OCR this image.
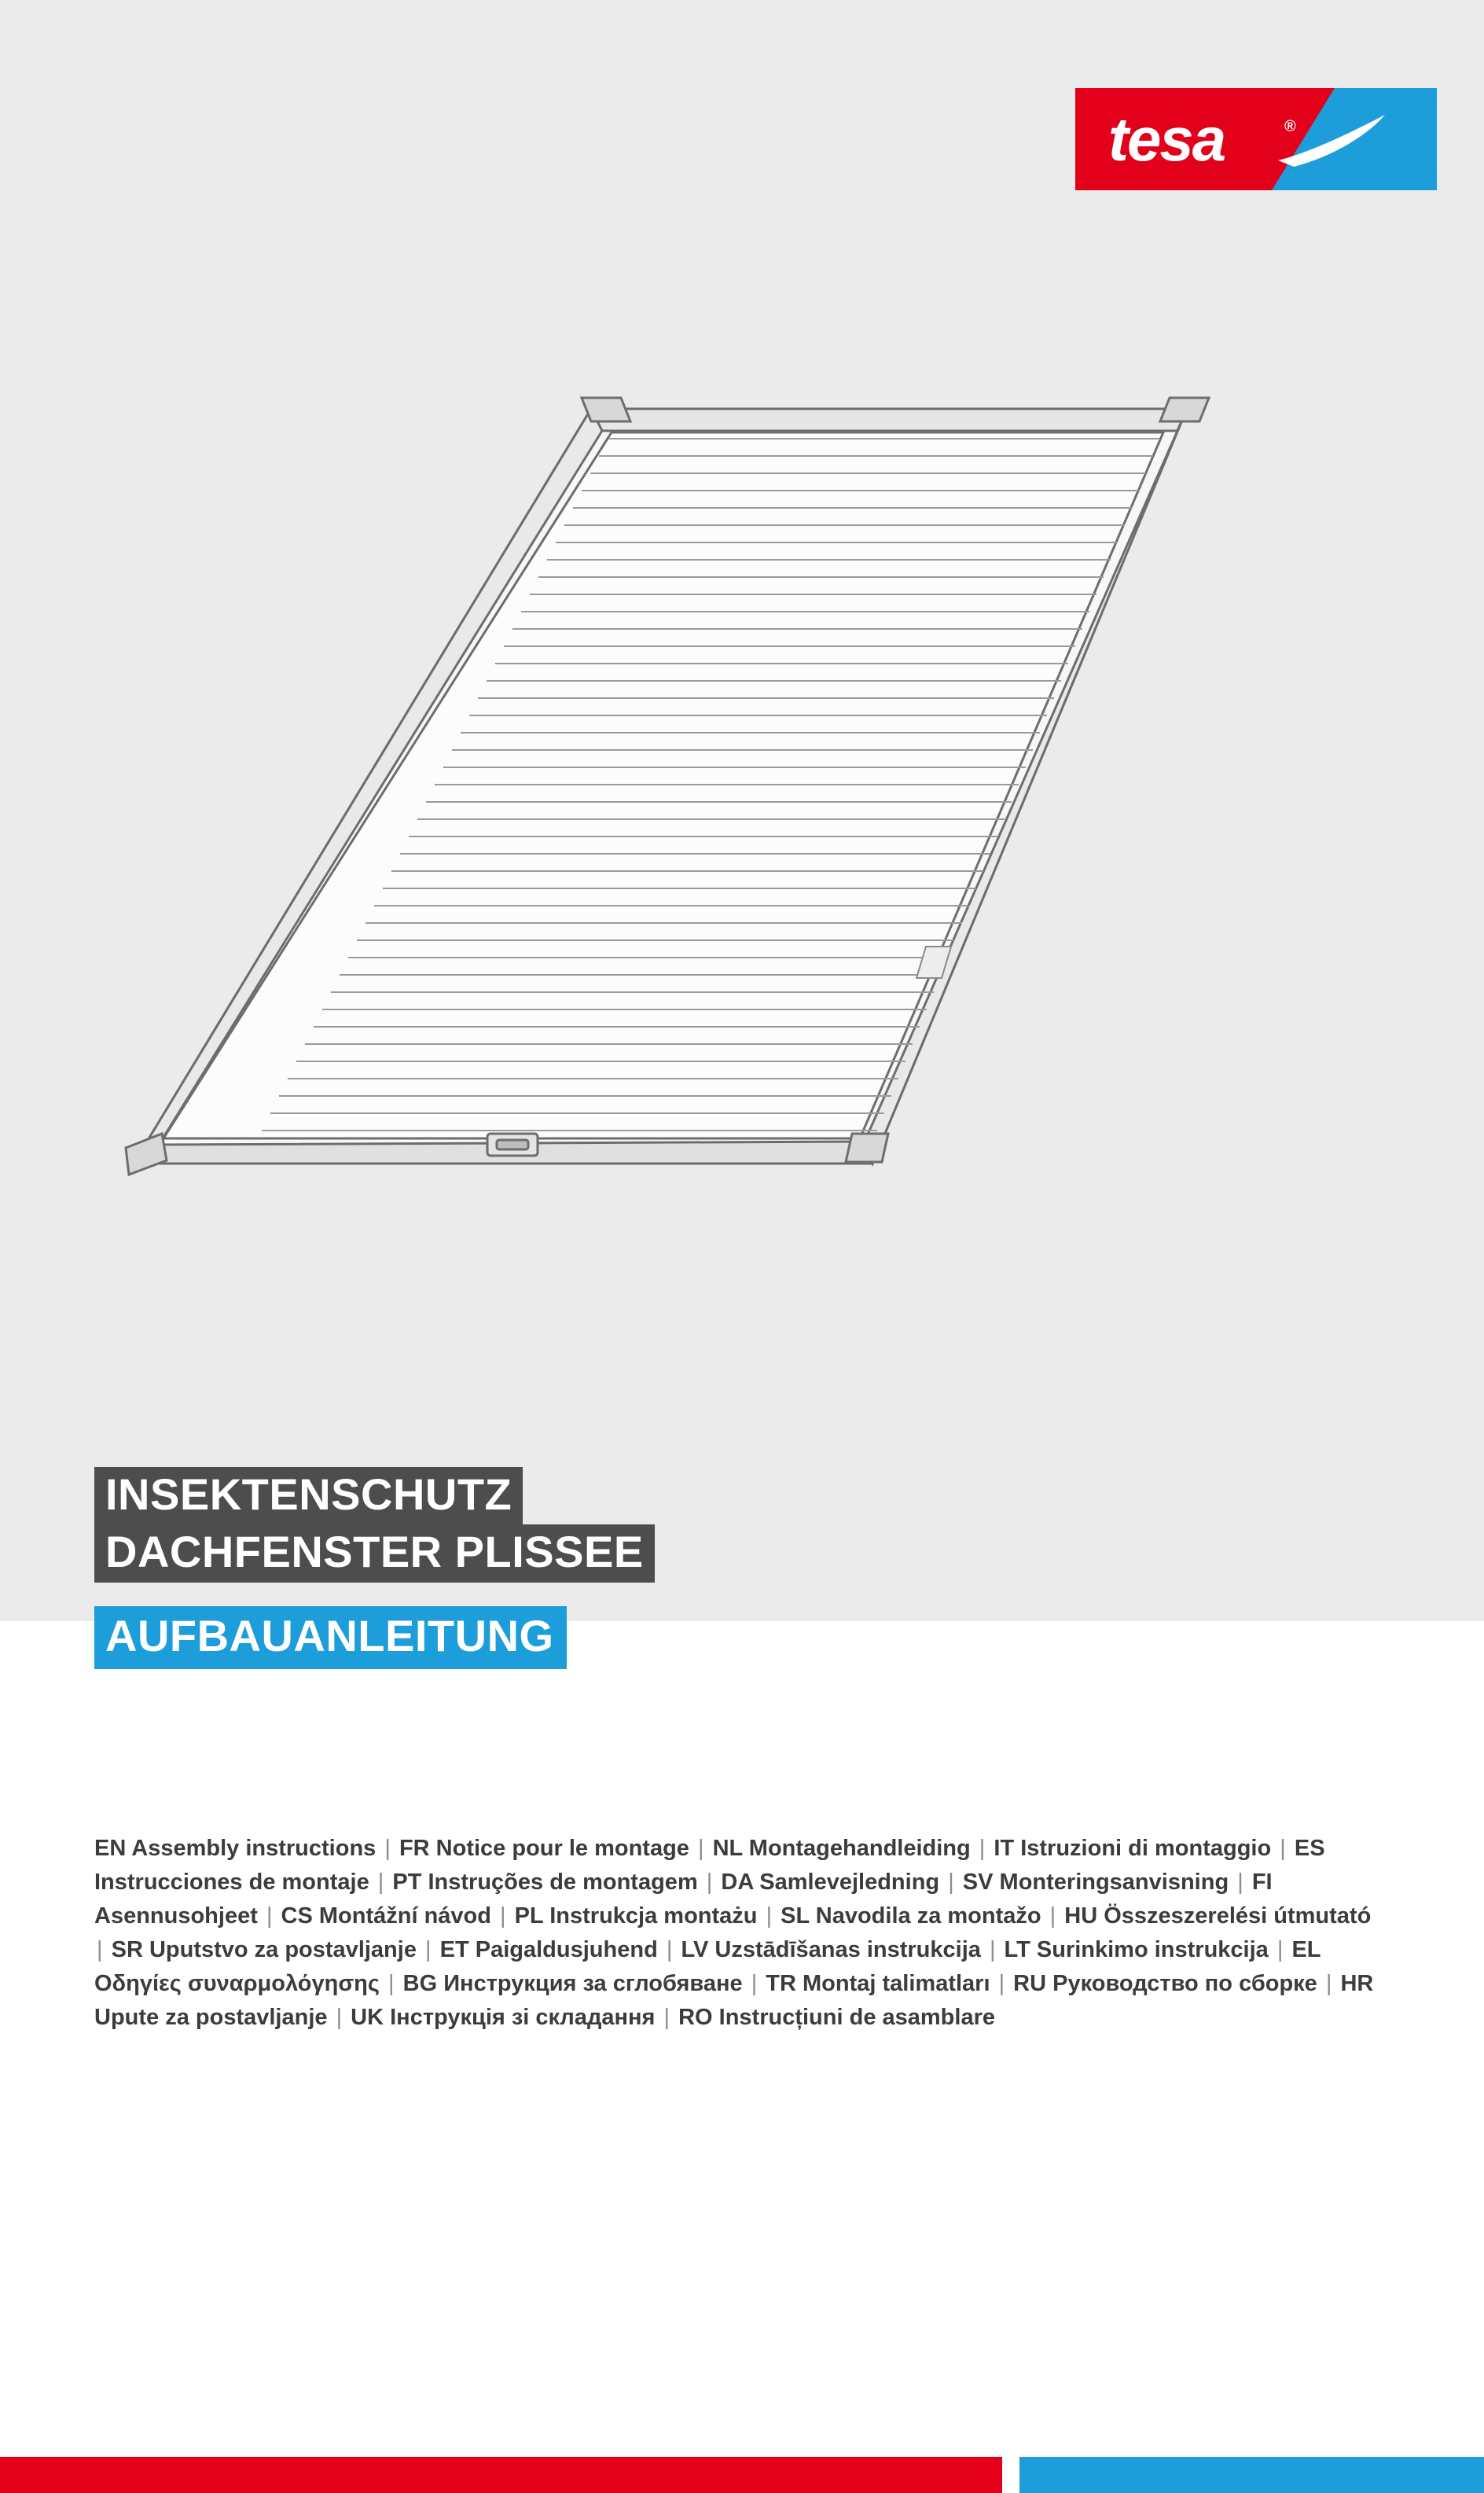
tesa	®
INSEKTENSCHUTZ
DACHFENSTER PLISSEE
AUFBAUANLEITUNG
EN Assembly instructions | FR Notice pour le montage | NL Montagehandleiding | IT Istruzioni di montaggio | ES Instrucciones de montaje | PT Instruções de montagem | DA Samlevejledning | SV Monteringsanvisning | FI Asennusohjeet | CS Montážní návod | PL Instrukcja montażu | SL Navodila za montažo | HU Összeszerelési útmutató | SR Uputstvo za postavljanje | ET Paigaldusjuhend | LV Uzstādīšanas instrukcija | LT Surinkimo instrukcija | EL Οδηγίες συναρμολόγησης | BG Инструкция за сглобяване | TR Montaj talimatları | RU Руководство по сборке | HR Upute za postavljanje | UK Інструкція зі складання | RO Instrucțiuni de asamblare
